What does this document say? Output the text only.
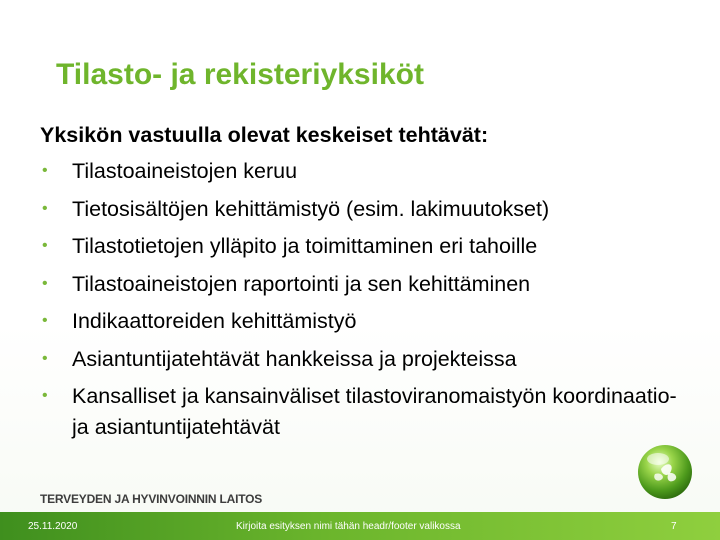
Tilasto- ja rekisteriyksiköt
Yksikön vastuulla olevat keskeiset tehtävät:
• Tilastoaineistojen keruu
• Tietosisältöjen kehittämistyö (esim. lakimuutokset)
• Tilastotietojen ylläpito ja toimittaminen eri tahoille
• Tilastoaineistojen raportointi ja sen kehittäminen
• Indikaattoreiden kehittämistyö
• Asiantuntijatehtävät hankkeissa ja projekteissa
• Kansalliset ja kansainväliset tilastoviranomaistyön koordinaatio- ja asiantuntijatehtävät
TERVEYDEN JA HYVINVOINNIN LAITOS
25.11.2020	Kirjoita esityksen nimi tähän headr/footer valikossa	7
